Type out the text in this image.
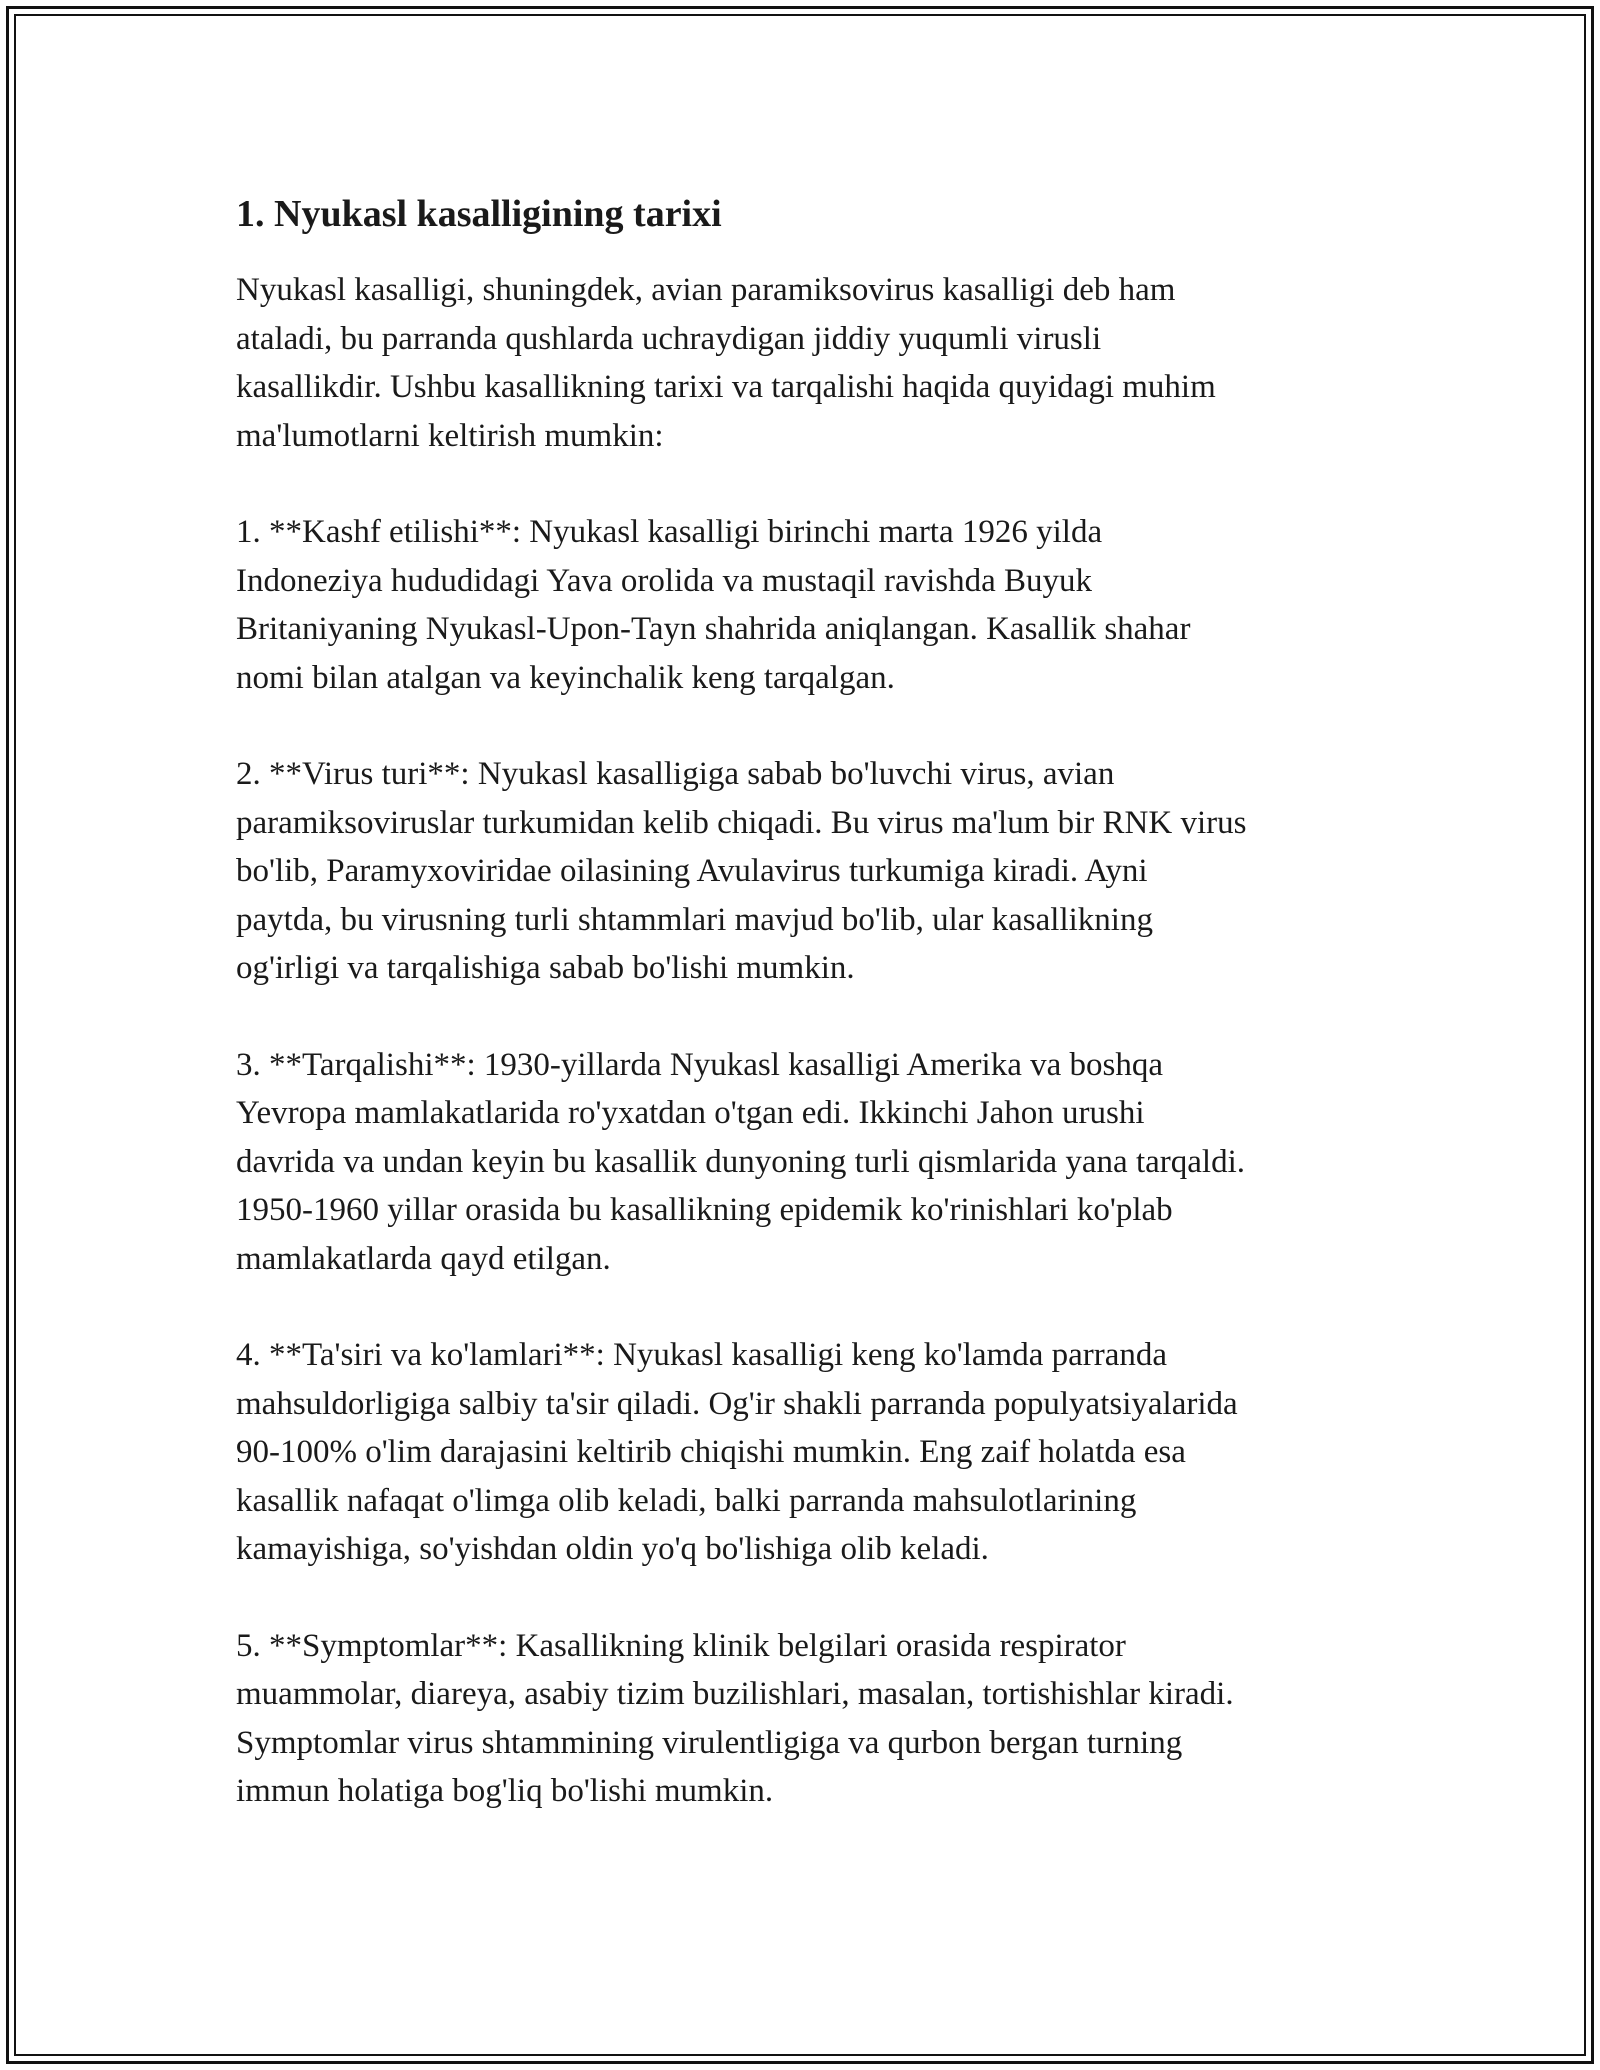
1. Nyukasl kasalligining tarixi

Nyukasl kasalligi, shuningdek, avian paramiksovirus kasalligi deb ham
ataladi, bu parranda qushlarda uchraydigan jiddiy yuqumli virusli
kasallikdir. Ushbu kasallikning tarixi va tarqalishi haqida quyidagi muhim
ma'lumotlarni keltirish mumkin:

1. **Kashf etilishi**: Nyukasl kasalligi birinchi marta 1926 yilda
Indoneziya hududidagi Yava orolida va mustaqil ravishda Buyuk
Britaniyaning Nyukasl-Upon-Tayn shahrida aniqlangan. Kasallik shahar
nomi bilan atalgan va keyinchalik keng tarqalgan.

2. **Virus turi**: Nyukasl kasalligiga sabab bo'luvchi virus, avian
paramiksoviruslar turkumidan kelib chiqadi. Bu virus ma'lum bir RNK virus
bo'lib, Paramyxoviridae oilasining Avulavirus turkumiga kiradi. Ayni
paytda, bu virusning turli shtammlari mavjud bo'lib, ular kasallikning
og'irligi va tarqalishiga sabab bo'lishi mumkin.

3. **Tarqalishi**: 1930-yillarda Nyukasl kasalligi Amerika va boshqa
Yevropa mamlakatlarida ro'yxatdan o'tgan edi. Ikkinchi Jahon urushi
davrida va undan keyin bu kasallik dunyoning turli qismlarida yana tarqaldi.
1950-1960 yillar orasida bu kasallikning epidemik ko'rinishlari ko'plab
mamlakatlarda qayd etilgan.

4. **Ta'siri va ko'lamlari**: Nyukasl kasalligi keng ko'lamda parranda
mahsuldorligiga salbiy ta'sir qiladi. Og'ir shakli parranda populyatsiyalarida
90-100% o'lim darajasini keltirib chiqishi mumkin. Eng zaif holatda esa
kasallik nafaqat o'limga olib keladi, balki parranda mahsulotlarining
kamayishiga, so'yishdan oldin yo'q bo'lishiga olib keladi.

5. **Symptomlar**: Kasallikning klinik belgilari orasida respirator
muammolar, diareya, asabiy tizim buzilishlari, masalan, tortishishlar kiradi.
Symptomlar virus shtammining virulentligiga va qurbon bergan turning
immun holatiga bog'liq bo'lishi mumkin.
